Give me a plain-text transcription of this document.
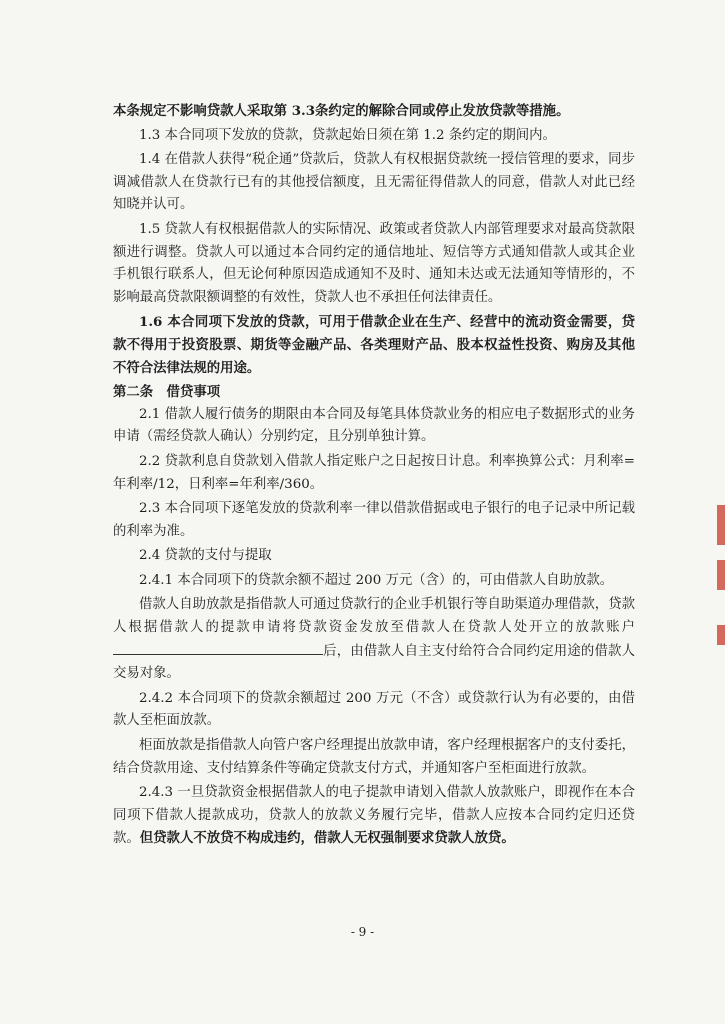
本条规定不影响贷款人采取第 3.3条约定的解除合同或停止发放贷款等措施。

1.3 本合同项下发放的贷款，贷款起始日须在第 1.2 条约定的期间内。

1.4 在借款人获得“税企通”贷款后，贷款人有权根据贷款统一授信管理的要求，同步调减借款人在贷款行已有的其他授信额度，且无需征得借款人的同意，借款人对此已经知晓并认可。

1.5 贷款人有权根据借款人的实际情况、政策或者贷款人内部管理要求对最高贷款限额进行调整。贷款人可以通过本合同约定的通信地址、短信等方式通知借款人或其企业手机银行联系人，但无论何种原因造成通知不及时、通知未达或无法通知等情形的，不影响最高贷款限额调整的有效性，贷款人也不承担任何法律责任。

1.6 本合同项下发放的贷款，可用于借款企业在生产、经营中的流动资金需要，贷款不得用于投资股票、期货等金融产品、各类理财产品、股本权益性投资、购房及其他不符合法律法规的用途。

第二条　借贷事项

2.1 借款人履行债务的期限由本合同及每笔具体贷款业务的相应电子数据形式的业务申请（需经贷款人确认）分别约定，且分别单独计算。

2.2 贷款利息自贷款划入借款人指定账户之日起按日计息。利率换算公式：月利率=年利率/12，日利率=年利率/360。

2.3 本合同项下逐笔发放的贷款利率一律以借款借据或电子银行的电子记录中所记载的利率为准。

2.4 贷款的支付与提取

2.4.1 本合同项下的贷款余额不超过 200 万元（含）的，可由借款人自助放款。

借款人自助放款是指借款人可通过贷款行的企业手机银行等自助渠道办理借款，贷款人根据借款人的提款申请将贷款资金发放至借款人在贷款人处开立的放款账户后，由借款人自主支付给符合合同约定用途的借款人交易对象。

2.4.2 本合同项下的贷款余额超过 200 万元（不含）或贷款行认为有必要的，由借款人至柜面放款。

柜面放款是指借款人向管户客户经理提出放款申请，客户经理根据客户的支付委托，结合贷款用途、支付结算条件等确定贷款支付方式，并通知客户至柜面进行放款。

2.4.3 一旦贷款资金根据借款人的电子提款申请划入借款人放款账户，即视作在本合同项下借款人提款成功，贷款人的放款义务履行完毕，借款人应按本合同约定归还贷款。但贷款人不放贷不构成违约，借款人无权强制要求贷款人放贷。

- 9 -
